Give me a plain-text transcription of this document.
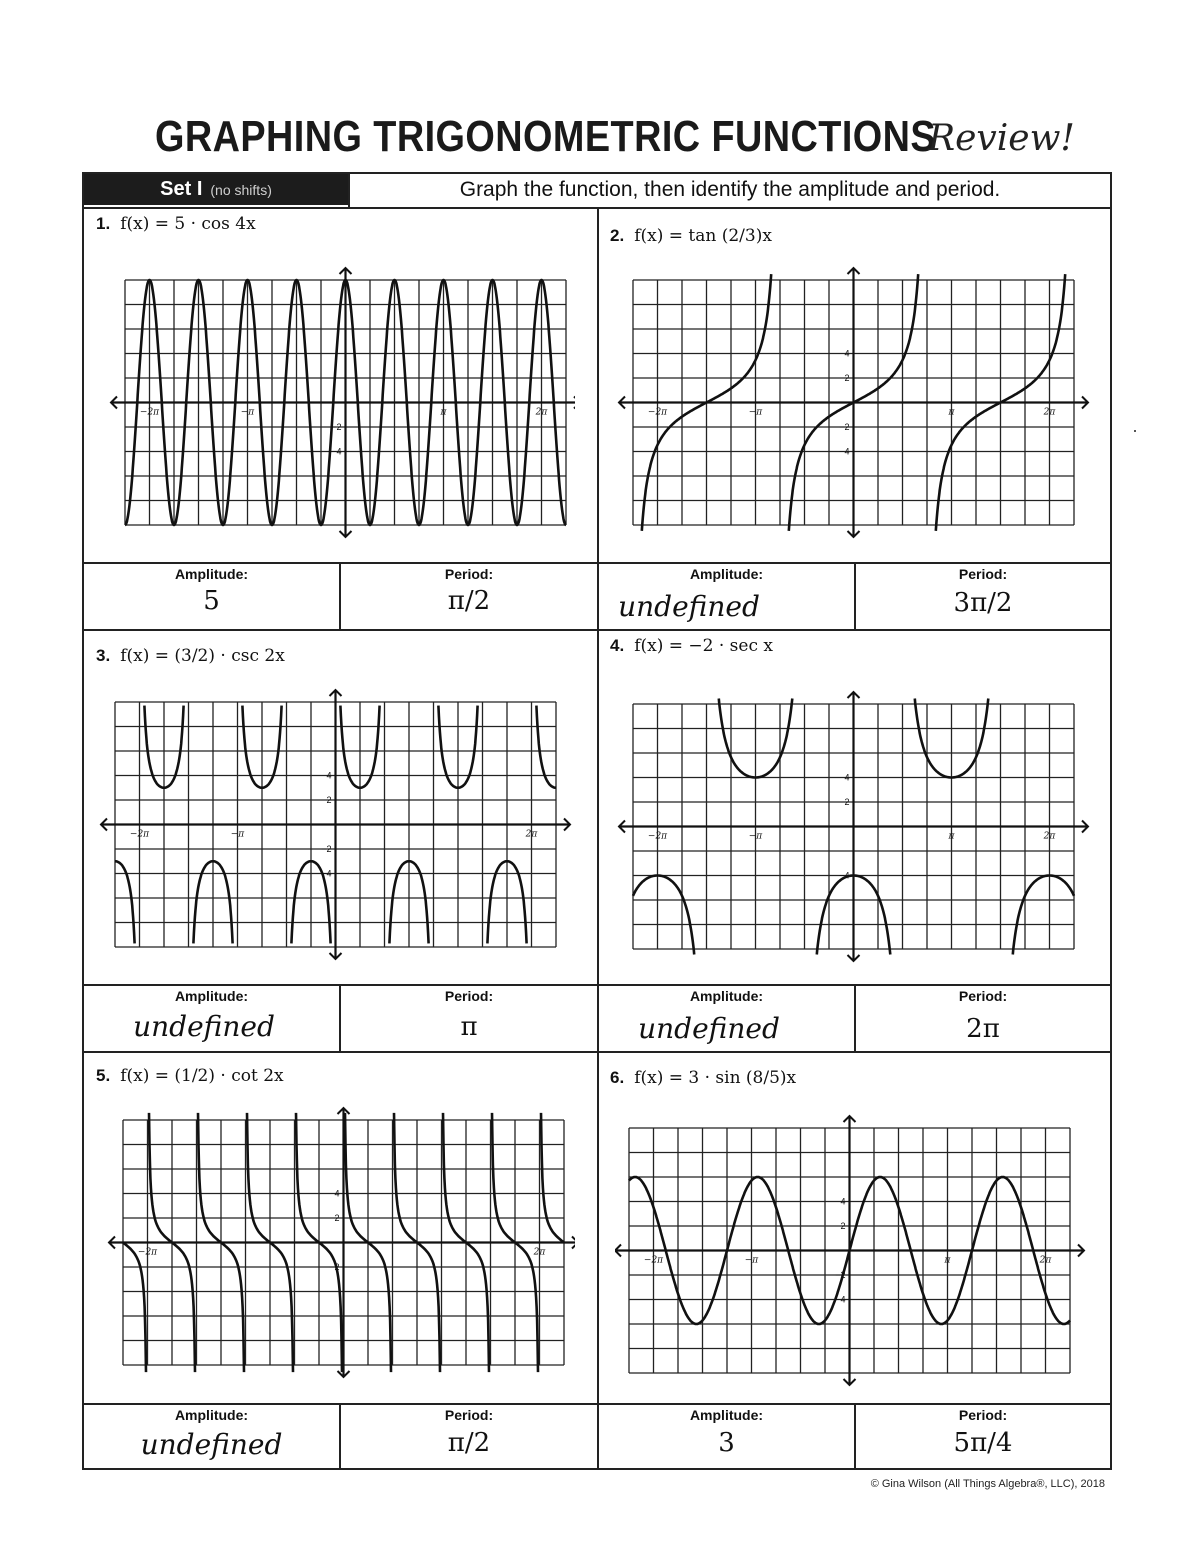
GRAPHING TRIGONOMETRIC FUNCTIONS
Review!
Set I (no shifts)	Graph the function, then identify the amplitude and period.
1. f(x) = 5 · cos 4x
2. f(x) = tan (2/3)x
3. f(x) = (3/2) · csc 2x
4. f(x) = −2 · sec x
5. f(x) = (1/2) · cot 2x	6. f(x) = 3 · sin (8/5)x
−2π	−π	π	2π
−2
−4
−2π	−π	π	2π
4
2
−2
−4
−2π	−π	2π
4
2
−2
−4
−2π	−π	π	2π
4
2
−4
−2π	2π
4
2
−2
−2π	−π	π	2π
4
2
−2
−4
Amplitude:
5
Period:
π/2
Amplitude:
undefined
Period:
3π/2
Amplitude:
undefined
Period:
π
Amplitude:
undefined
Period:
2π
Amplitude:
undefined
Period:
π/2
Amplitude:
3
Period:
5π/4
© Gina Wilson (All Things Algebra®, LLC), 2018
